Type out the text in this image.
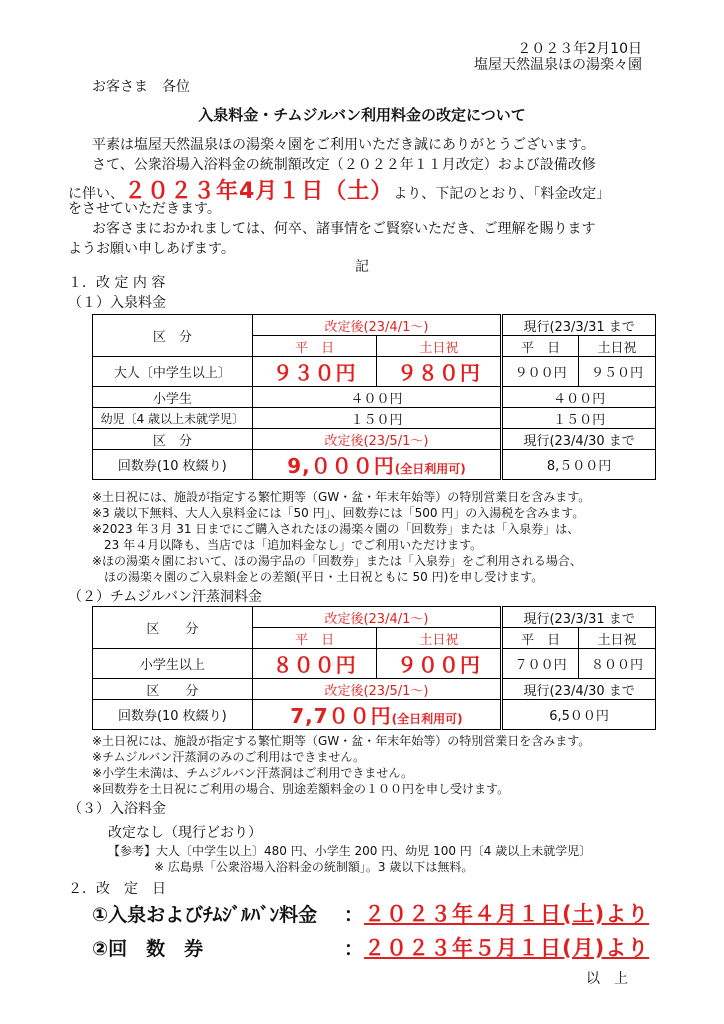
２０２３年2月10日
塩屋天然温泉ほの湯楽々園
お客さま　各位
入泉料金・チムジルバン利用料金の改定について
平素は塩屋天然温泉ほの湯楽々園をご利用いただき誠にありがとうございます。
さて、公衆浴場入浴料金の統制額改定（２０２２年１１月改定）および設備改修
に伴い、２０２３年4月１日（土）より、下記のとおり、「料金改定」
をさせていただきます。
お客さまにおかれましては、何卒、諸事情をご賢察いただき、ご理解を賜ります
ようお願い申しあげます。
記
１．改 定 内 容
（１）入泉料金
区　分	改定後(23/4/1～)		現行(23/3/31 まで	
	平　日	土日祝	平　日	土日祝
大人〔中学生以上〕	９３０円	９８０円	９００円	９５０円
小学生	４００円		４００円	
幼児〔4 歳以上未就学児〕	１５０円		１５０円	
区　分	改定後(23/5/1～)		現行(23/4/30 まで	
回数券(10 枚綴り)	9,０００円(全日利用可)		8,５００円	
※土日祝には、施設が指定する繁忙期等（GW・盆・年末年始等）の特別営業日を含みます。
※3 歳以下無料、大人入泉料金には「50 円」、回数券には「500 円」の入湯税を含みます。
※2023 年３月 31 日までにご購入されたほの湯楽々園の「回数券」または「入泉券」は、
　23 年４月以降も、当店では「追加料金なし」でご利用いただけます。
※ほの湯楽々園において、ほの湯宇品の「回数券」または「入泉券」をご利用される場合、
　ほの湯楽々園のご入泉料金との差額(平日・土日祝ともに 50 円)を申し受けます。
（２）チムジルバン汗蒸洞料金
区　　分	改定後(23/4/1～)		現行(23/3/31 まで	
	平　日	土日祝	平　日	土日祝
小学生以上	８００円	９００円	７００円	８００円
区　　分	改定後(23/5/1～)		現行(23/4/30 まで	
回数券(10 枚綴り)	7,7００円(全日利用可)		6,5００円	
※土日祝には、施設が指定する繁忙期等（GW・盆・年末年始等）の特別営業日を含みます。
※チムジルバン汗蒸洞のみのご利用はできません。
※小学生未満は、チムジルバン汗蒸洞はご利用できません。
※回数券を土日祝にご利用の場合、別途差額料金の１００円を申し受けます。
（３）入浴料金
改定なし（現行どおり）
【参考】大人〔中学生以上〕480 円、小学生 200 円、幼児 100 円〔4 歳以上未就学児〕
※ 広島県「公衆浴場入浴料金の統制額」。3 歳以下は無料。
２．改　定　日
①入泉およびﾁﾑｼﾞﾙﾊﾞﾝ料金 ： ２０２３年４月１日(土)より
②回　数　券	： ２０２３年５月１日(月)より
以　上
